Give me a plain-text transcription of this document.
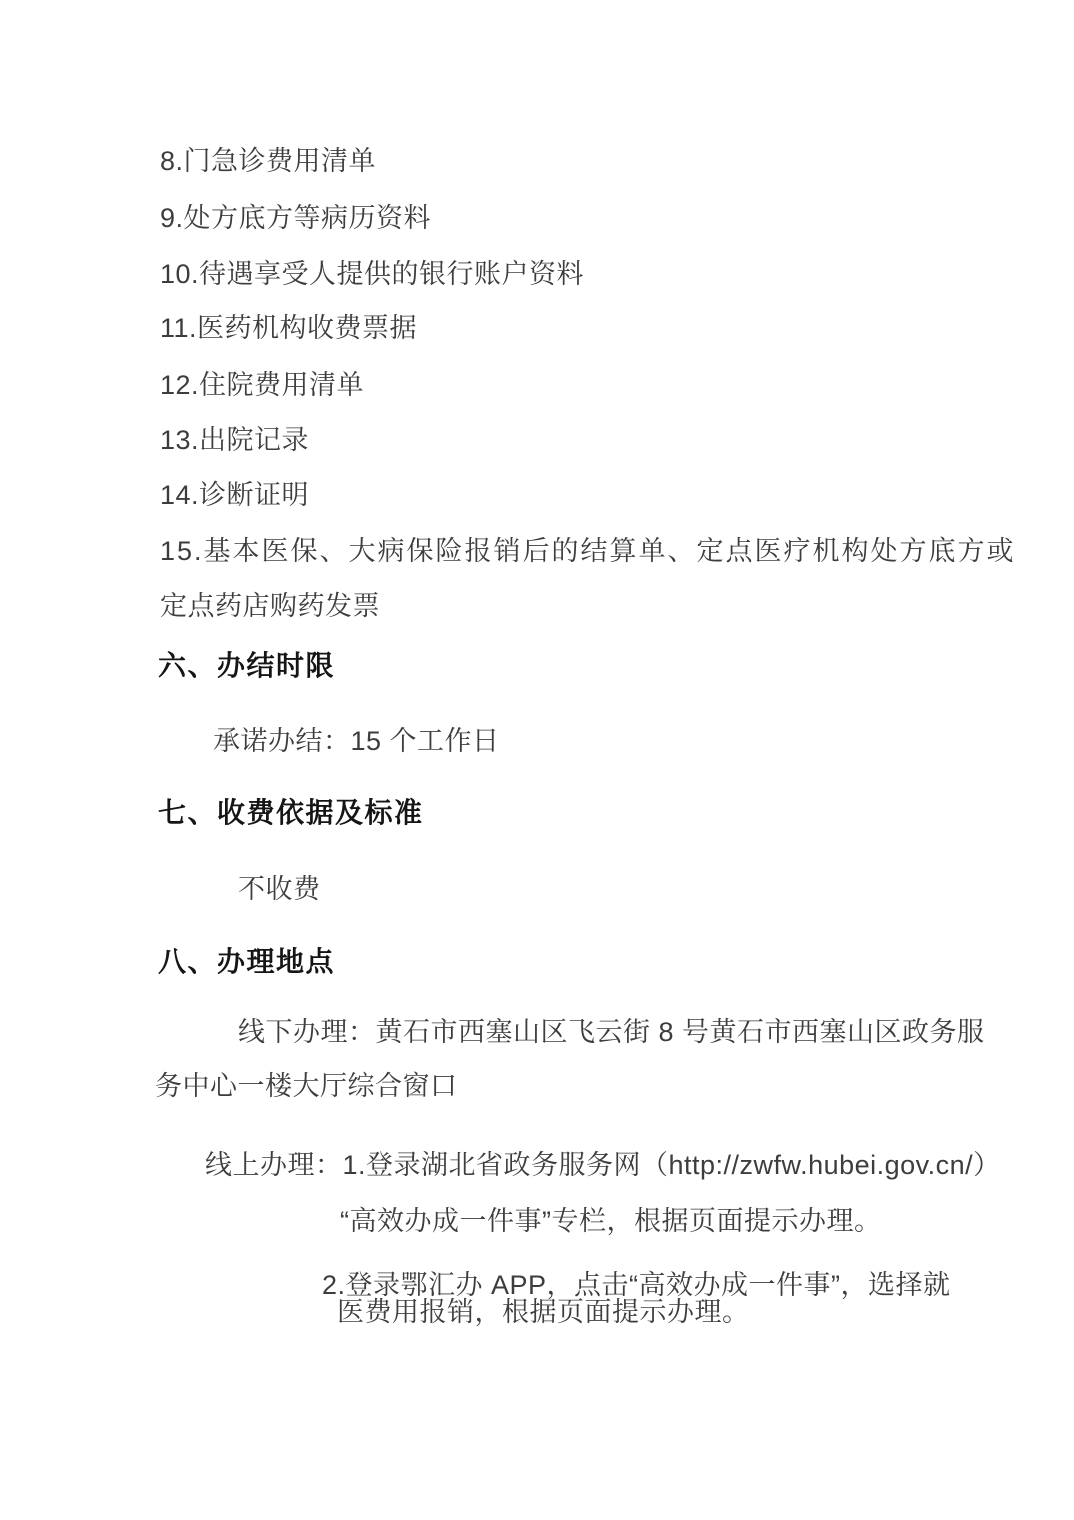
8.门急诊费用清单
9.处方底方等病历资料
10.待遇享受人提供的银行账户资料
11.医药机构收费票据
12.住院费用清单
13.出院记录
14.诊断证明
15.基本医保、大病保险报销后的结算单、定点医疗机构处方底方或
定点药店购药发票
六、办结时限
承诺办结：15 个工作日
七、收费依据及标准
不收费
八、办理地点
线下办理：黄石市西塞山区飞云街 8 号黄石市西塞山区政务服
务中心一楼大厅综合窗口
线上办理：1.登录湖北省政务服务网（http://zwfw.hubei.gov.cn/）
“高效办成一件事”专栏，根据页面提示办理。
2.登录鄂汇办 APP，点击“高效办成一件事”，选择就
医费用报销，根据页面提示办理。
